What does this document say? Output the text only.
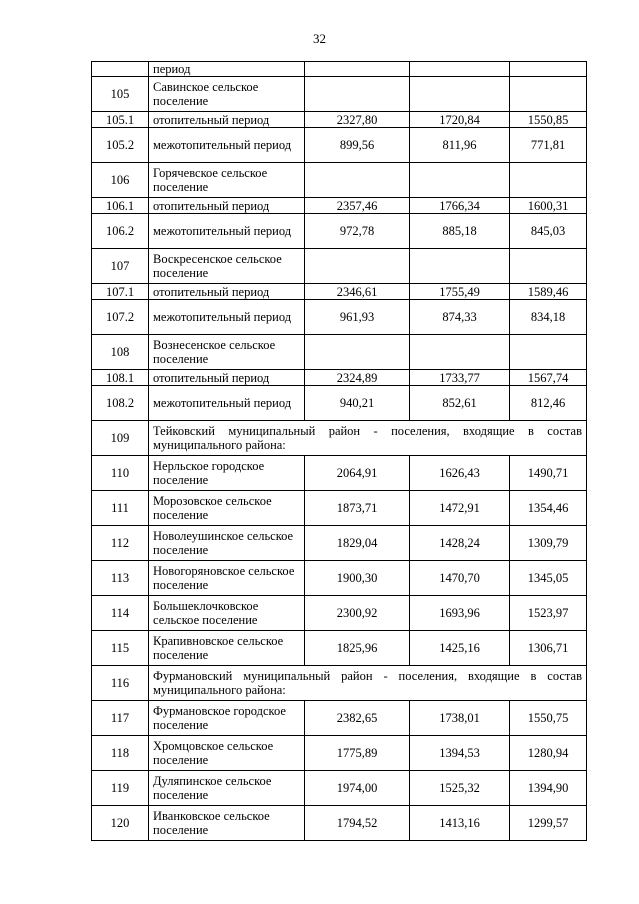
32
	период			
105	Савинское сельское поселение			
105.1	отопительный период	2327,80	1720,84	1550,85
105.2	межотопительный период	899,56	811,96	771,81
106	Горячевское сельское поселение			
106.1	отопительный период	2357,46	1766,34	1600,31
106.2	межотопительный период	972,78	885,18	845,03
107	Воскресенское сельское поселение			
107.1	отопительный период	2346,61	1755,49	1589,46
107.2	межотопительный период	961,93	874,33	834,18
108	Вознесенское сельское поселение			
108.1	отопительный период	2324,89	1733,77	1567,74
108.2	межотопительный период	940,21	852,61	812,46
109	Тейковский муниципальный район - поселения, входящие в состав муниципального района:			
110	Нерльское городское поселение	2064,91	1626,43	1490,71
111	Морозовское сельское поселение	1873,71	1472,91	1354,46
112	Новолеушинское сельское поселение	1829,04	1428,24	1309,79
113	Новогоряновское сельское поселение	1900,30	1470,70	1345,05
114	Большеклочковское сельское поселение	2300,92	1693,96	1523,97
115	Крапивновское сельское поселение	1825,96	1425,16	1306,71
116	Фурмановский муниципальный район - поселения, входящие в состав муниципального района:			
117	Фурмановское городское поселение	2382,65	1738,01	1550,75
118	Хромцовское сельское поселение	1775,89	1394,53	1280,94
119	Дуляпинское сельское поселение	1974,00	1525,32	1394,90
120	Иванковское сельское поселение	1794,52	1413,16	1299,57
